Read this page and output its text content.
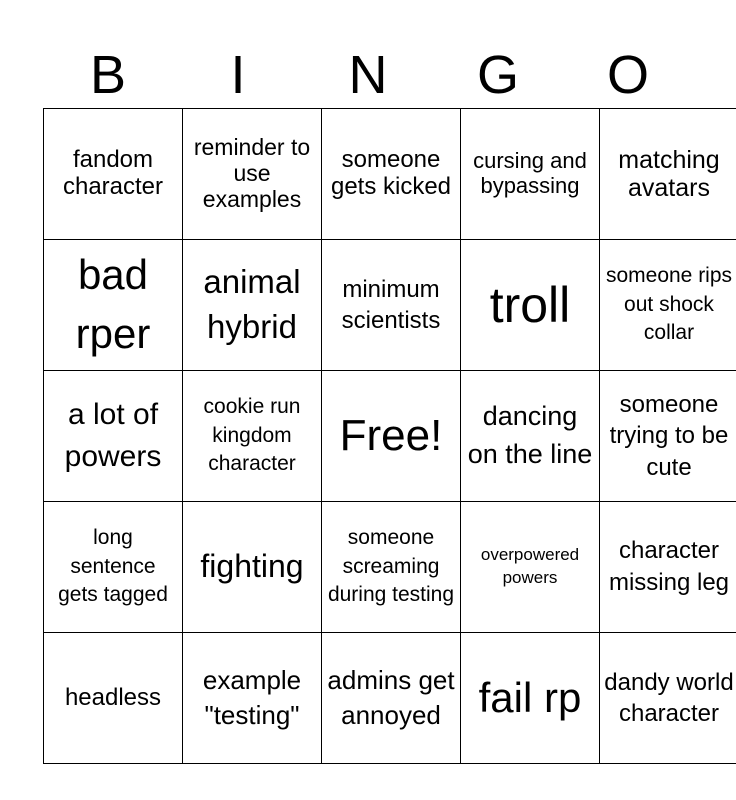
B	I	N	G	O
fandom character	reminder to use examples	someone gets kicked	cursing and bypassing	matching avatars

bad rper	animal hybrid	minimum scientists	troll	someone rips out shock collar

a lot of powers	cookie run kingdom character	Free!	dancing on the line	someone trying to be cute

long sentence gets tagged	fighting	someone screaming during testing	overpowered powers	character missing leg

headless	example "testing"	admins get annoyed	fail rp	dandy world character
